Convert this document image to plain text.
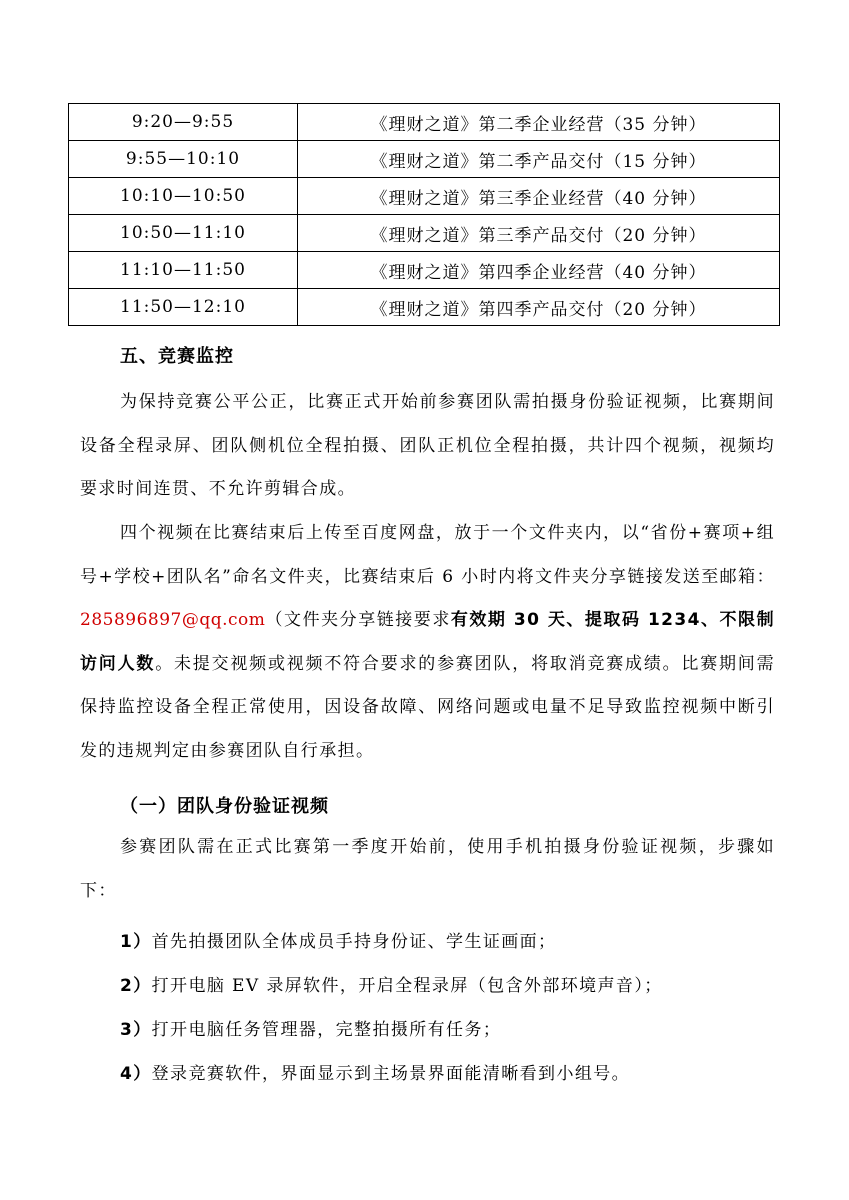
9:20—9:55	《理财之道》第二季企业经营（35 分钟）
9:55—10:10	《理财之道》第二季产品交付（15 分钟）
10:10—10:50	《理财之道》第三季企业经营（40 分钟）
10:50—11:10	《理财之道》第三季产品交付（20 分钟）
11:10—11:50	《理财之道》第四季企业经营（40 分钟）
11:50—12:10	《理财之道》第四季产品交付（20 分钟）
五、竞赛监控

为保持竞赛公平公正，比赛正式开始前参赛团队需拍摄身份验证视频，比赛期间设备全程录屏、团队侧机位全程拍摄、团队正机位全程拍摄，共计四个视频，视频均要求时间连贯、不允许剪辑合成。

四个视频在比赛结束后上传至百度网盘，放于一个文件夹内，以“省份+赛项+组号+学校+团队名”命名文件夹，比赛结束后 6 小时内将文件夹分享链接发送至邮箱：285896897@qq.com（文件夹分享链接要求有效期 30 天、提取码 1234、不限制访问人数。未提交视频或视频不符合要求的参赛团队，将取消竞赛成绩。比赛期间需保持监控设备全程正常使用，因设备故障、网络问题或电量不足导致监控视频中断引发的违规判定由参赛团队自行承担。

（一）团队身份验证视频

参赛团队需在正式比赛第一季度开始前，使用手机拍摄身份验证视频，步骤如下：

1）首先拍摄团队全体成员手持身份证、学生证画面；
2）打开电脑 EV 录屏软件，开启全程录屏（包含外部环境声音）；
3）打开电脑任务管理器，完整拍摄所有任务；
4）登录竞赛软件，界面显示到主场景界面能清晰看到小组号。
